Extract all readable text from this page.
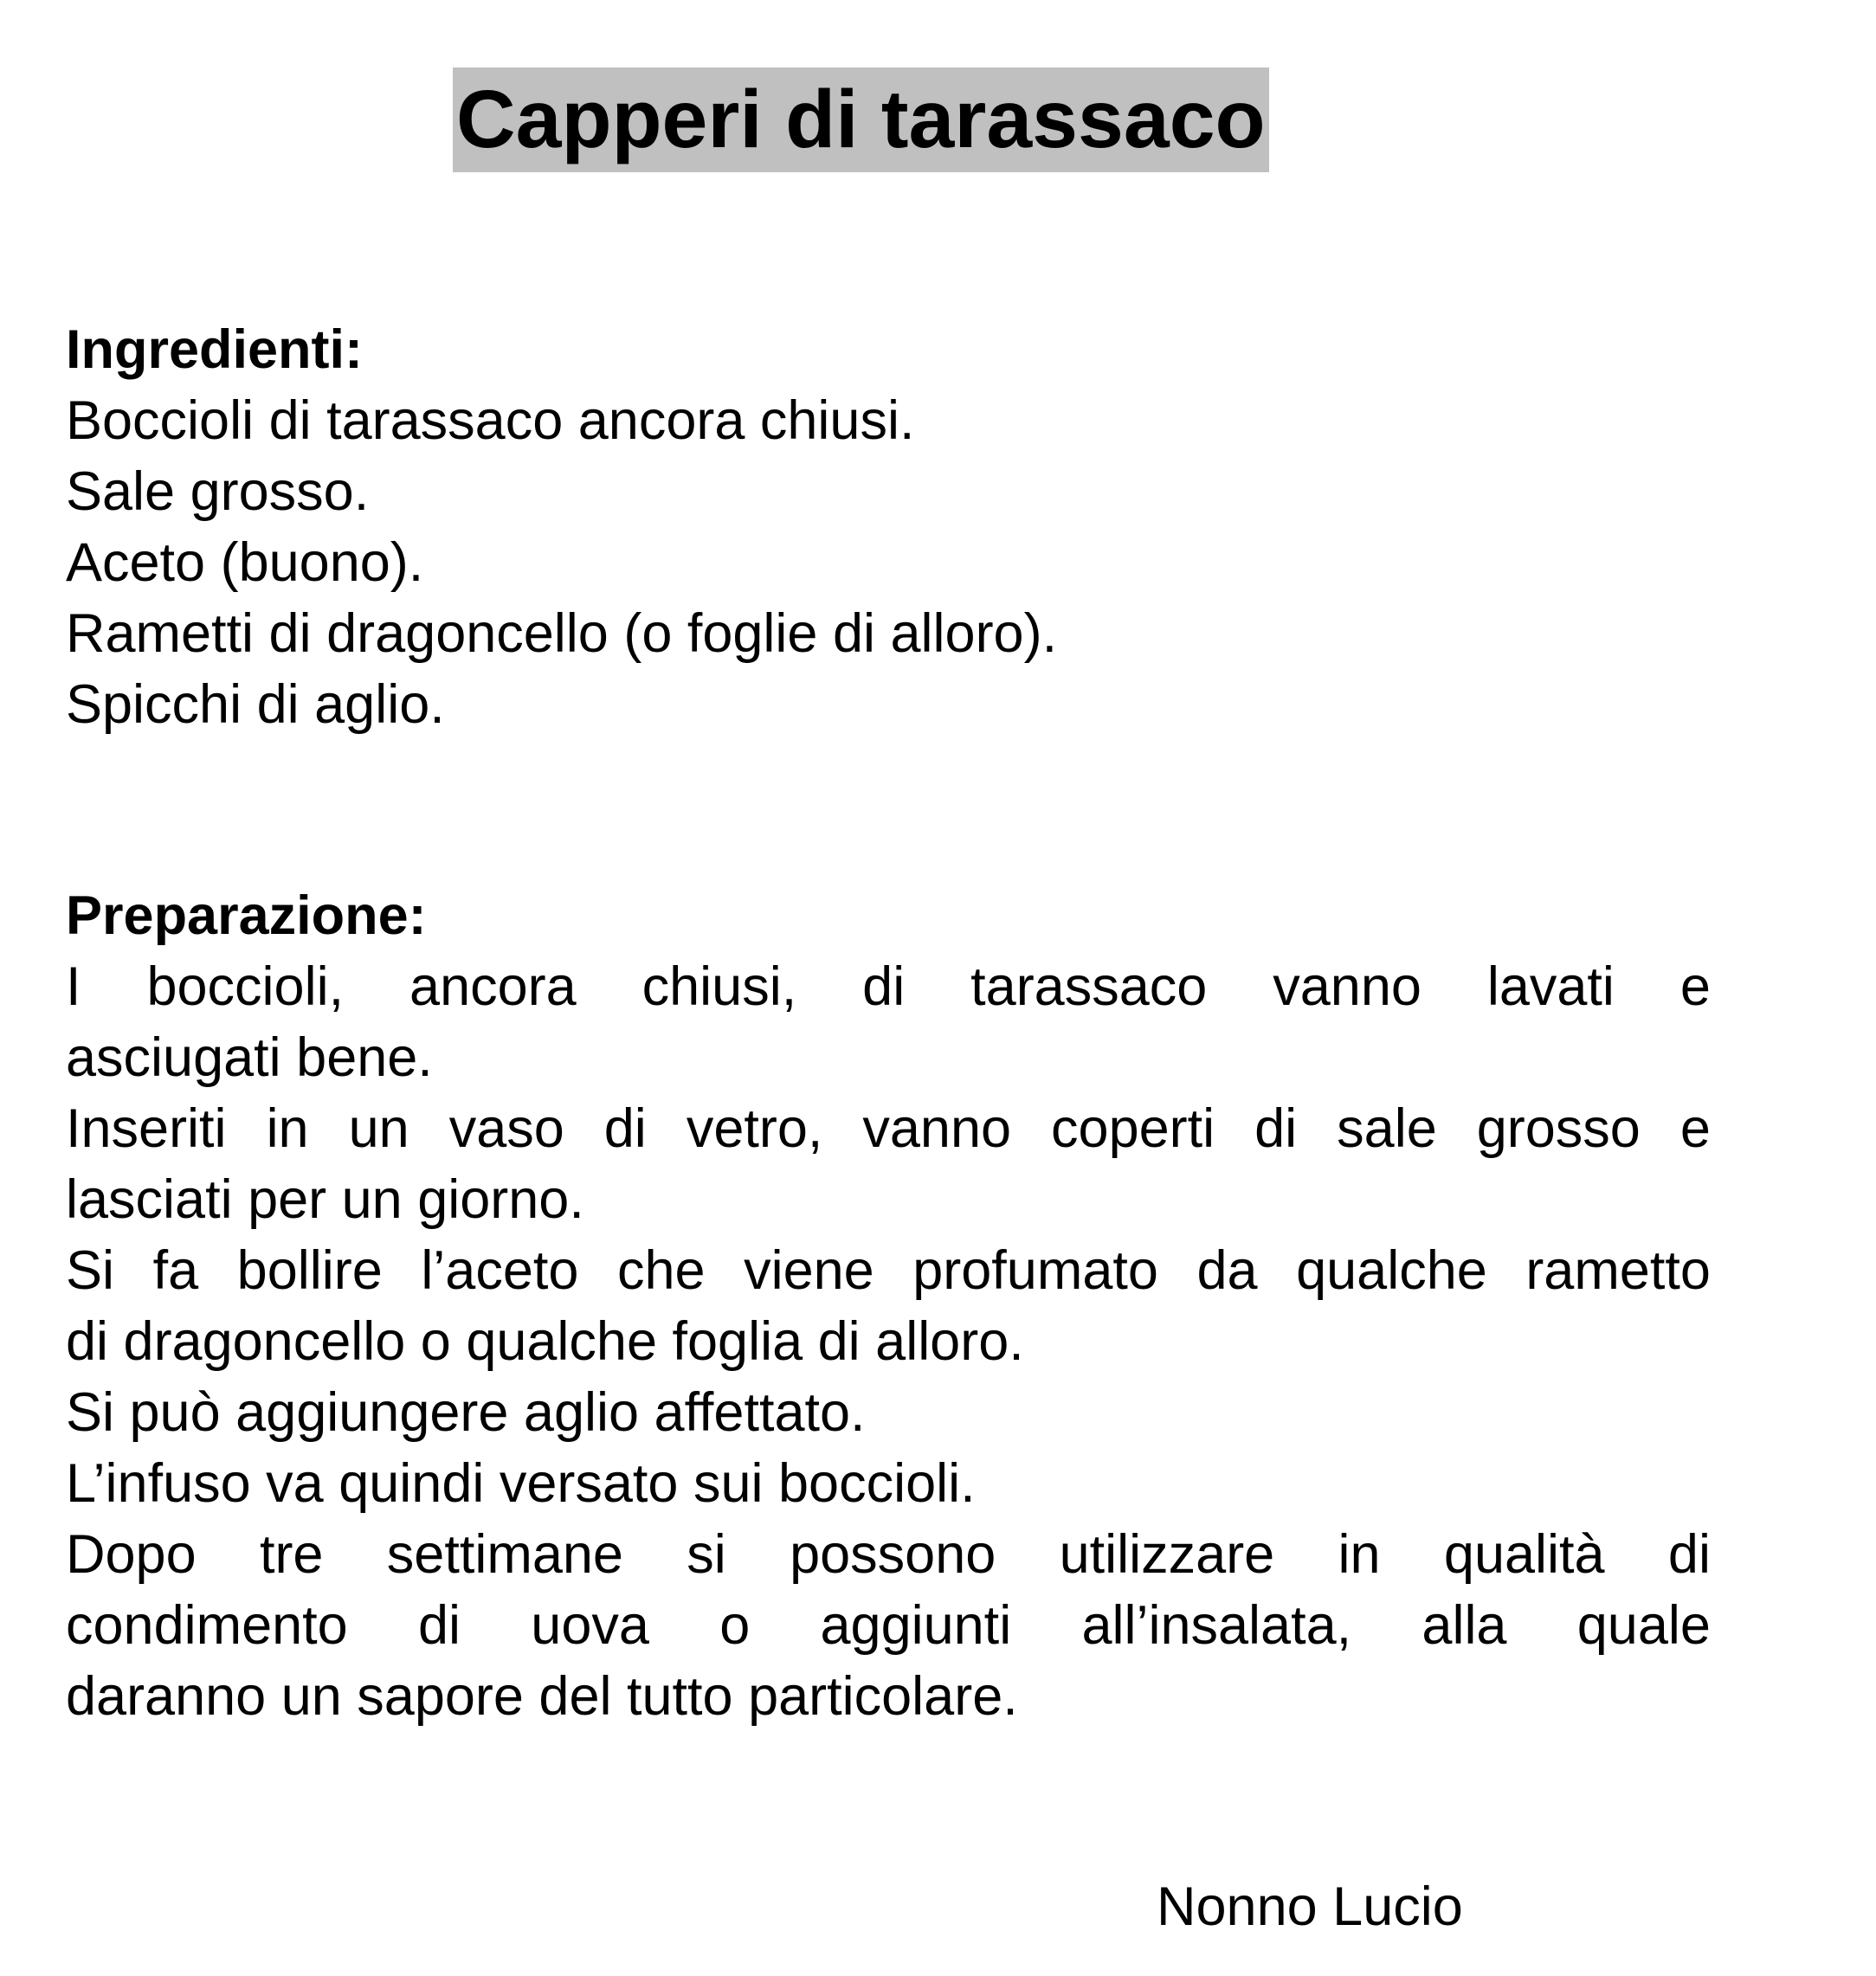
Capperi di tarassaco
Ingredienti:
Boccioli di tarassaco ancora chiusi.
Sale grosso.
Aceto (buono).
Rametti di dragoncello (o foglie di alloro).
Spicchi di aglio.
Preparazione:
I boccioli, ancora chiusi, di tarassaco vanno lavati e
asciugati bene.
Inseriti in un vaso di vetro, vanno coperti di sale grosso e
lasciati per un giorno.
Si fa bollire l’aceto che viene profumato da qualche rametto
di dragoncello o qualche foglia di alloro.
Si può aggiungere aglio affettato.
L’infuso va quindi versato sui boccioli.
Dopo tre settimane si possono utilizzare in qualità di
condimento di uova o aggiunti all’insalata, alla quale
daranno un sapore del tutto particolare.
Nonno Lucio
